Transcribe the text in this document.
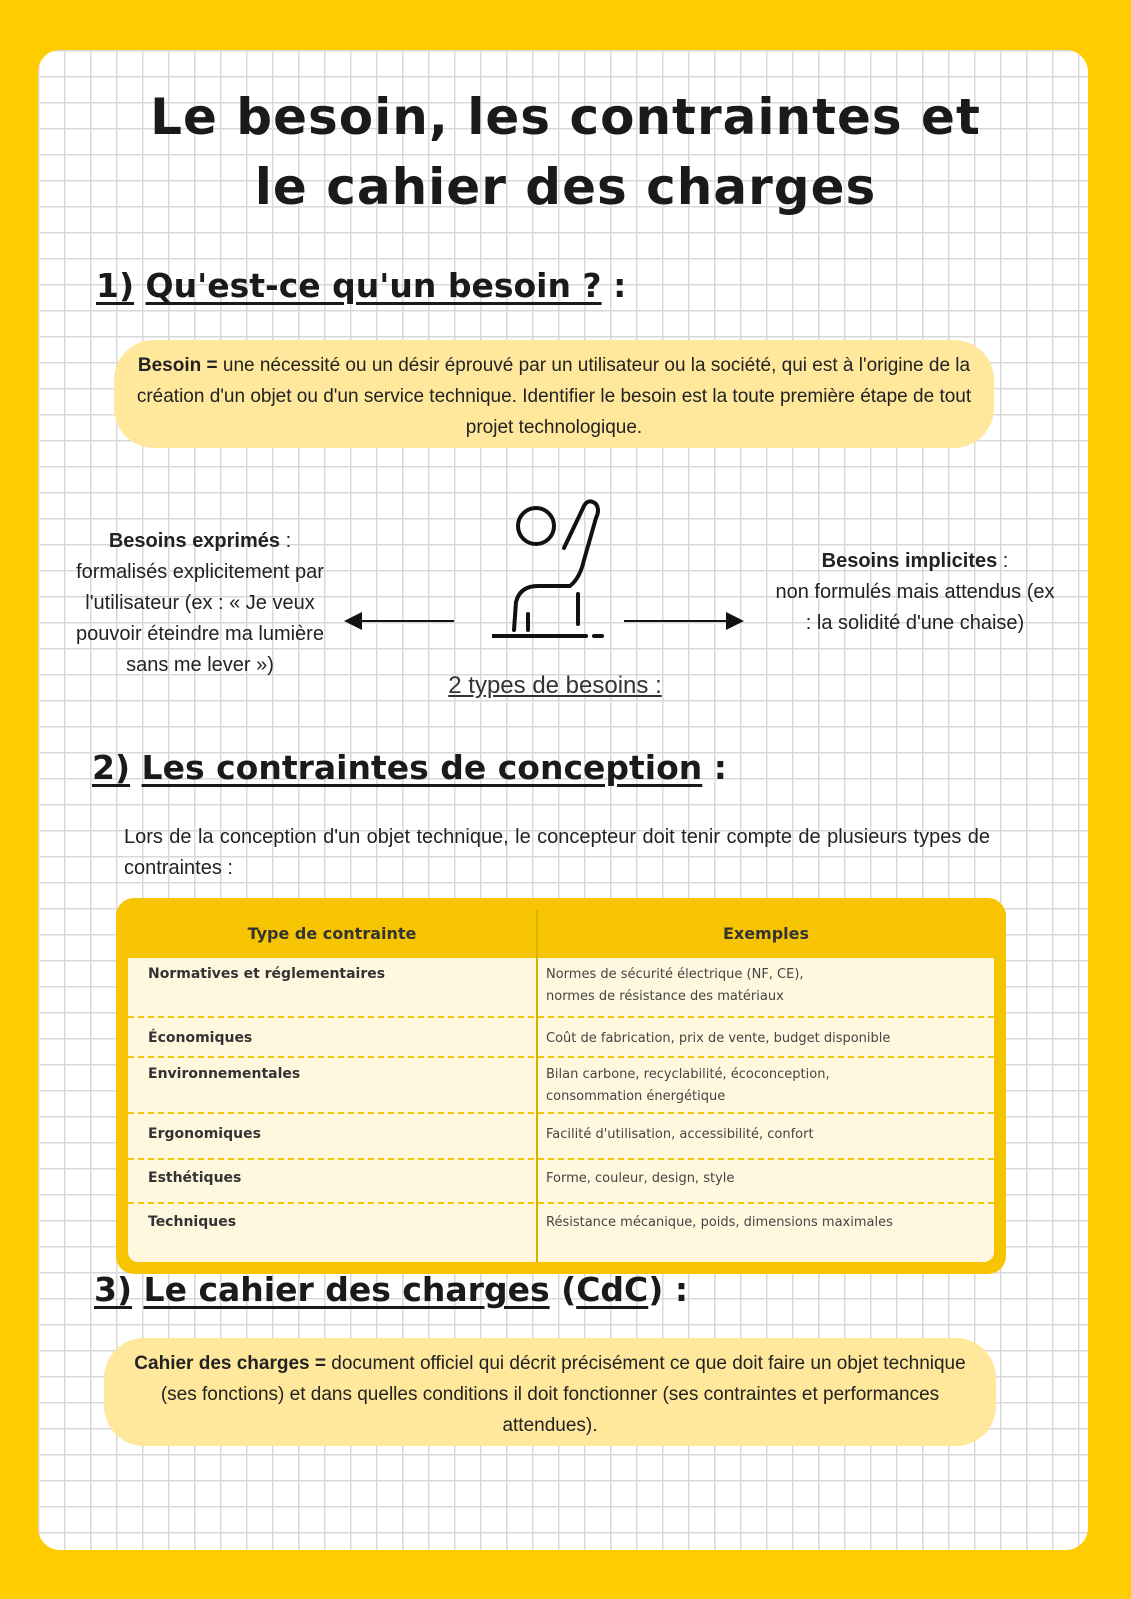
Le besoin, les contraintes et
le cahier des charges
1) Qu'est-ce qu'un besoin ? :
Besoin = une nécessité ou un désir éprouvé par un utilisateur ou la société, qui est à l'origine de la création d'un objet ou d'un service technique. Identifier le besoin est la toute première étape de tout projet technologique.
Besoins exprimés :
formalisés explicitement par l'utilisateur (ex : « Je veux pouvoir éteindre ma lumière sans me lever »)
Besoins implicites :
non formulés mais attendus (ex : la solidité d'une chaise)
2 types de besoins :
2) Les contraintes de conception :
Lors de la conception d'un objet technique, le concepteur doit tenir compte de plusieurs types de contraintes :
Type de contrainte	Exemples
Normatives et réglementaires	Normes de sécurité électrique (NF, CE), normes de résistance des matériaux
Économiques	Coût de fabrication, prix de vente, budget disponible
Environnementales	Bilan carbone, recyclabilité, écoconception, consommation énergétique
Ergonomiques	Facilité d'utilisation, accessibilité, confort
Esthétiques	Forme, couleur, design, style
Techniques	Résistance mécanique, poids, dimensions maximales
3) Le cahier des charges (CdC) :
Cahier des charges = document officiel qui décrit précisément ce que doit faire un objet technique (ses fonctions) et dans quelles conditions il doit fonctionner (ses contraintes et performances attendues).
